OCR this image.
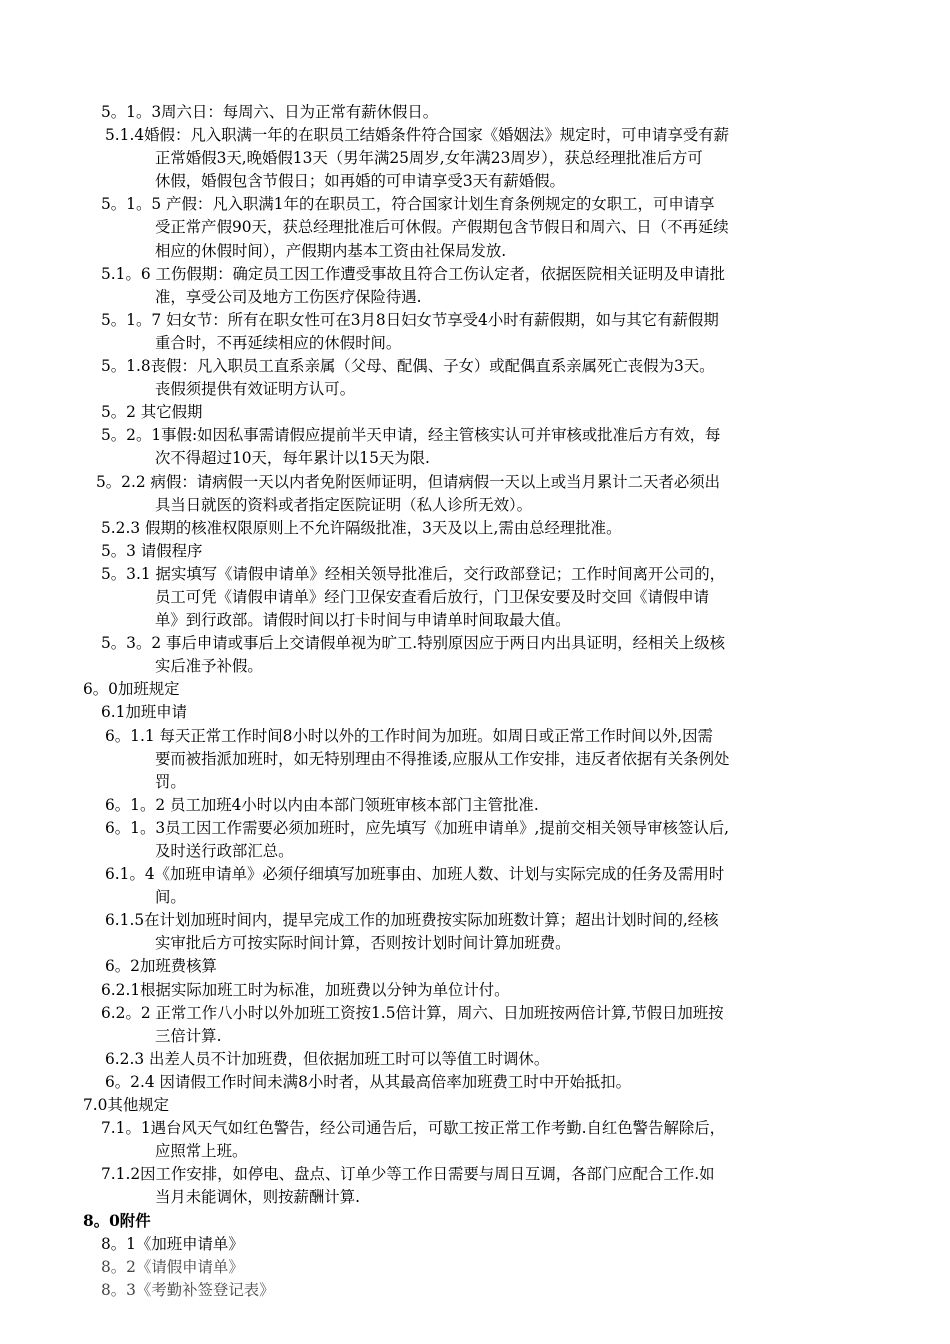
5。1。3周六日：每周六、日为正常有薪休假日。
5.1.4婚假：凡入职满一年的在职员工结婚条件符合国家《婚姻法》规定时，可申请享受有薪
正常婚假3天,晚婚假13天（男年满25周岁,女年满23周岁），获总经理批准后方可
休假，婚假包含节假日；如再婚的可申请享受3天有薪婚假。
5。1。5 产假：凡入职满1年的在职员工，符合国家计划生育条例规定的女职工，可申请享
受正常产假90天，获总经理批准后可休假。产假期包含节假日和周六、日（不再延续
相应的休假时间），产假期内基本工资由社保局发放.
5.1。6 工伤假期：确定员工因工作遭受事故且符合工伤认定者，依据医院相关证明及申请批
准，享受公司及地方工伤医疗保险待遇.
5。1。7 妇女节：所有在职女性可在3月8日妇女节享受4小时有薪假期，如与其它有薪假期
重合时，不再延续相应的休假时间。
5。1.8丧假：凡入职员工直系亲属（父母、配偶、子女）或配偶直系亲属死亡丧假为3天。
丧假须提供有效证明方认可。
5。2 其它假期
5。2。1事假:如因私事需请假应提前半天申请，经主管核实认可并审核或批准后方有效，每
次不得超过10天，每年累计以15天为限.
5。2.2 病假：请病假一天以内者免附医师证明，但请病假一天以上或当月累计二天者必须出
具当日就医的资料或者指定医院证明（私人诊所无效）。
5.2.3 假期的核准权限原则上不允许隔级批准，3天及以上,需由总经理批准。
5。3 请假程序
5。3.1 据实填写《请假申请单》经相关领导批准后，交行政部登记；工作时间离开公司的，
员工可凭《请假申请单》经门卫保安查看后放行，门卫保安要及时交回《请假申请
单》到行政部。请假时间以打卡时间与申请单时间取最大值。
5。3。2 事后申请或事后上交请假单视为旷工.特别原因应于两日内出具证明，经相关上级核
实后准予补假。
6。0加班规定
6.1加班申请
6。1.1 每天正常工作时间8小时以外的工作时间为加班。如周日或正常工作时间以外,因需
要而被指派加班时，如无特别理由不得推诿,应服从工作安排，违反者依据有关条例处
罚。
6。1。2 员工加班4小时以内由本部门领班审核本部门主管批准.
6。1。3员工因工作需要必须加班时，应先填写《加班申请单》,提前交相关领导审核签认后,
及时送行政部汇总。
6.1。4《加班申请单》必须仔细填写加班事由、加班人数、计划与实际完成的任务及需用时
间。
6.1.5在计划加班时间内，提早完成工作的加班费按实际加班数计算；超出计划时间的,经核
实审批后方可按实际时间计算，否则按计划时间计算加班费。
6。2加班费核算
6.2.1根据实际加班工时为标准，加班费以分钟为单位计付。
6.2。2 正常工作八小时以外加班工资按1.5倍计算，周六、日加班按两倍计算,节假日加班按
三倍计算.
6.2.3 出差人员不计加班费，但依据加班工时可以等值工时调休。
6。2.4 因请假工作时间未满8小时者，从其最高倍率加班费工时中开始抵扣。
7.0其他规定
7.1。1遇台风天气如红色警告，经公司通告后，可歇工按正常工作考勤.自红色警告解除后，
应照常上班。
7.1.2因工作安排，如停电、盘点、订单少等工作日需要与周日互调，各部门应配合工作.如
当月未能调休，则按薪酬计算.
8。0附件
8。1《加班申请单》
8。2《请假申请单》
8。3《考勤补签登记表》
